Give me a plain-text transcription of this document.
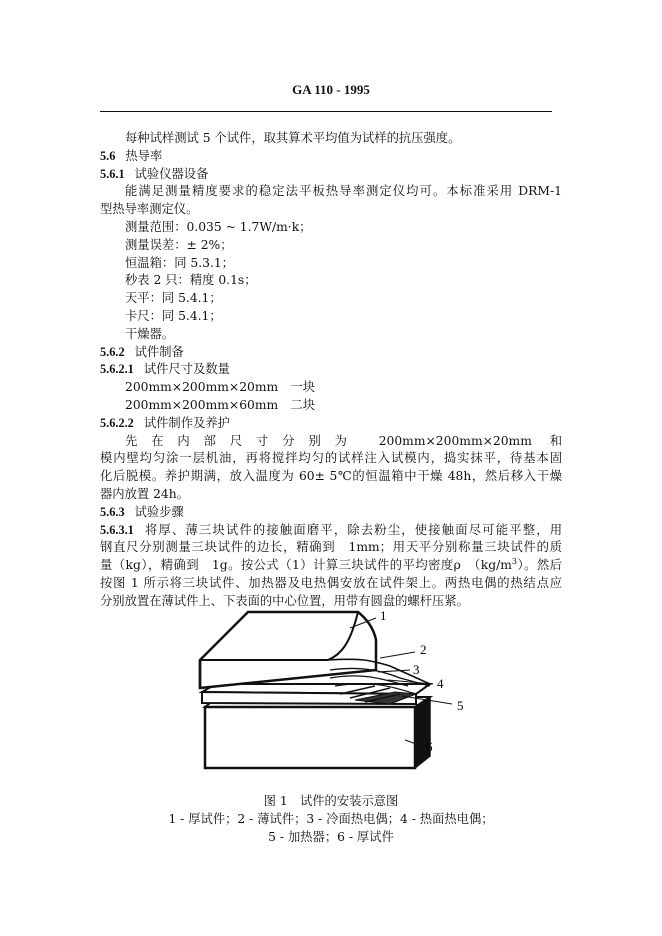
GA 110 - 1995
每种试样测试 5 个试件，取其算术平均值为试样的抗压强度。
5.6 热导率
5.6.1 试验仪器设备
能满足测量精度要求的稳定法平板热导率测定仪均可。本标准采用 DRM-1
型热导率测定仪。
测量范围：0.035 ~ 1.7W/m·k；
测量误差：± 2%；
恒温箱：同 5.3.1；
秒表 2 只：精度 0.1s；
天平：同 5.4.1；
卡尺：同 5.4.1；
干燥器。
5.6.2 试件制备
5.6.2.1 试件尺寸及数量
200mm×200mm×20mm　一块
200mm×200mm×60mm　二块
5.6.2.2 试件制作及养护
先在内部尺寸分别为 200mm×200mm×20mm 和
模内壁均匀涂一层机油，再将搅拌均匀的试样注入试模内，捣实抹平，待基本固
化后脱模。养护期满，放入温度为 60± 5℃的恒温箱中干燥 48h，然后移入干燥
器内放置 24h。
5.6.3 试验步骤
5.6.3.1 将厚、薄三块试件的接触面磨平，除去粉尘，使接触面尽可能平整，用
钢直尺分别测量三块试件的边长，精确到　1mm；用天平分别称量三块试件的质
量（kg），精确到　1g。按公式（1）计算三块试件的平均密度ρ　$(kg/m^3)$。然后
按图 1 所示将三块试件、加热器及电热偶安放在试件架上。两热电偶的热结点应
分别放置在薄试件上、下表面的中心位置，用带有圆盘的螺杆压紧。
1
2
3
4
5
6
图 1　试件的安装示意图
1 - 厚试件；2 - 薄试件；3 - 冷面热电偶；4 - 热面热电偶；
5 - 加热器；6 - 厚试件
